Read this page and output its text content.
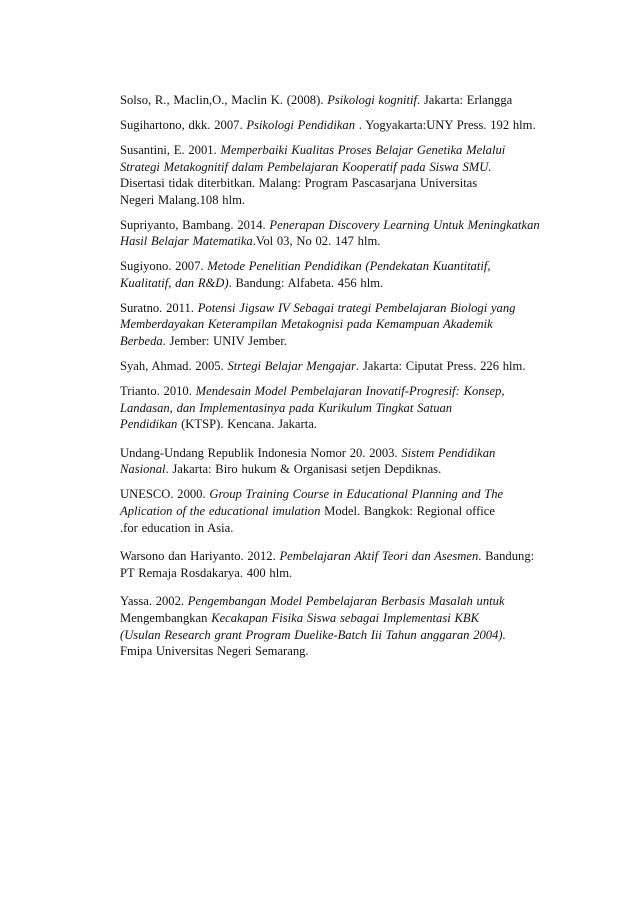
Solso, R., Maclin,O., Maclin K. (2008). Psikologi kognitif. Jakarta: Erlangga

Sugihartono, dkk. 2007. Psikologi Pendidikan . Yogyakarta:UNY Press. 192 hlm.

Susantini, E. 2001. Memperbaiki Kualitas Proses Belajar Genetika Melalui
Strategi Metakognitif dalam Pembelajaran Kooperatif pada Siswa SMU.
Disertasi tidak diterbitkan. Malang: Program Pascasarjana Universitas
Negeri Malang.108 hlm.

Supriyanto, Bambang. 2014. Penerapan Discovery Learning Untuk Meningkatkan
Hasil Belajar Matematika.Vol 03, No 02. 147 hlm.

Sugiyono. 2007. Metode Penelitian Pendidikan (Pendekatan Kuantitatif,
Kualitatif, dan R&D). Bandung: Alfabeta. 456 hlm.

Suratno. 2011. Potensi Jigsaw IV Sebagai trategi Pembelajaran Biologi yang
Memberdayakan Keterampilan Metakognisi pada Kemampuan Akademik
Berbeda. Jember: UNIV Jember.

Syah, Ahmad. 2005. Strtegi Belajar Mengajar. Jakarta: Ciputat Press. 226 hlm.

Trianto. 2010. Mendesain Model Pembelajaran Inovatif-Progresif: Konsep,
Landasan, dan Implementasinya pada Kurikulum Tingkat Satuan
Pendidikan (KTSP). Kencana. Jakarta.

Undang-Undang Republik Indonesia Nomor 20. 2003. Sistem Pendidikan
Nasional. Jakarta: Biro hukum & Organisasi setjen Depdiknas.

UNESCO. 2000. Group Training Course in Educational Planning and The
Aplication of the educational imulation Model. Bangkok: Regional office
.for education in Asia.

Warsono dan Hariyanto. 2012. Pembelajaran Aktif Teori dan Asesmen. Bandung:
PT Remaja Rosdakarya. 400 hlm.

Yassa. 2002. Pengembangan Model Pembelajaran Berbasis Masalah untuk
Mengembangkan Kecakapan Fisika Siswa sebagai Implementasi KBK
(Usulan Research grant Program Duelike-Batch Iii Tahun anggaran 2004).
Fmipa Universitas Negeri Semarang.
